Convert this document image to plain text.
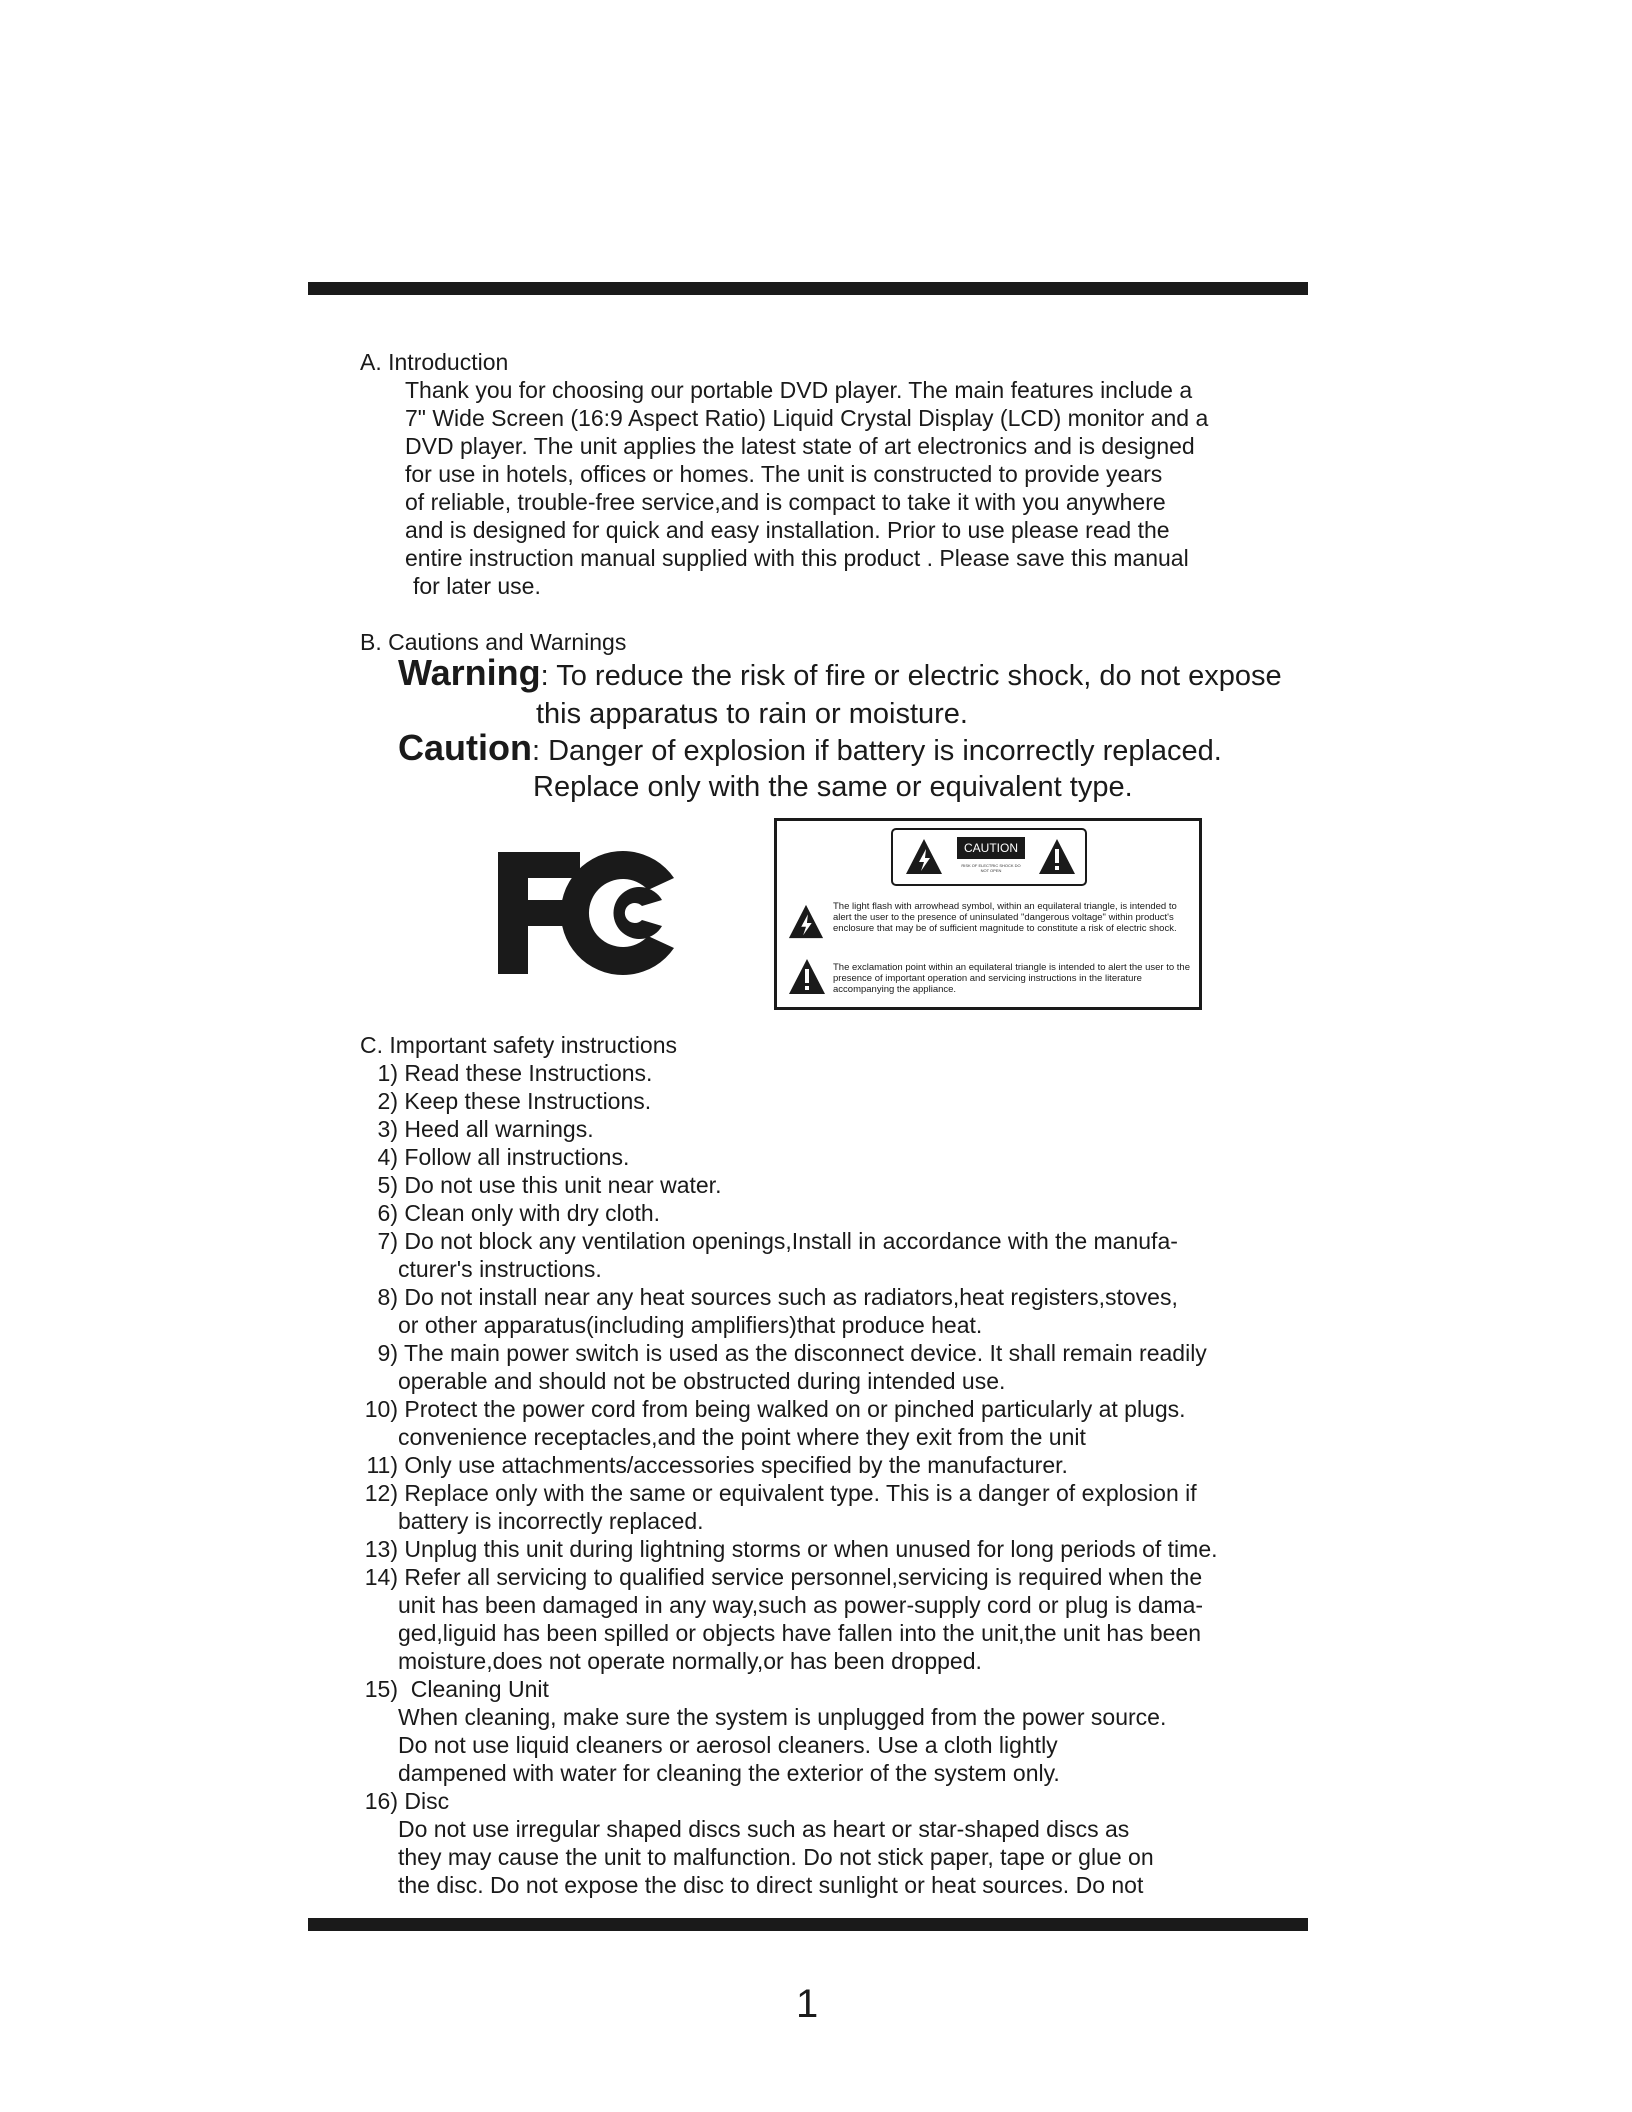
A. Introduction
Thank you for choosing our portable DVD player. The main features include a
7" Wide Screen (16:9 Aspect Ratio) Liquid Crystal Display (LCD) monitor and a
DVD player. The unit applies the latest state of art electronics and is designed
for use in hotels, offices or homes. The unit is constructed to provide years
of reliable, trouble-free service,and is compact to take it with you anywhere
and is designed for quick and easy installation. Prior to use please read the
entire instruction manual supplied with this product . Please save this manual
for later use.
B. Cautions and Warnings
Warning: To reduce the risk of fire or electric shock, do not expose
this apparatus to rain or moisture.
Caution: Danger of explosion if battery is incorrectly replaced.
Replace only with the same or equivalent type.
CAUTION
RISK OF ELECTRIC SHOCK DO NOT OPEN
The light flash with arrowhead symbol, within an equilateral triangle, is intended to alert the user to the presence of uninsulated "dangerous voltage" within product's enclosure that may be of sufficient magnitude to constitute a risk of electric shock.
The exclamation point within an equilateral triangle is intended to alert the user to the presence of important operation and servicing instructions in the literature accompanying the appliance.
C. Important safety instructions
1) Read these Instructions.
2) Keep these Instructions.
3) Heed all warnings.
4) Follow all instructions.
5) Do not use this unit near water.
6) Clean only with dry cloth.
7) Do not block any ventilation openings,Install in accordance with the manufa-
cturer's instructions.
8) Do not install near any heat sources such as radiators,heat registers,stoves,
or other apparatus(including amplifiers)that produce heat.
9) The main power switch is used as the disconnect device. It shall remain readily
operable and should not be obstructed during intended use.
10) Protect the power cord from being walked on or pinched particularly at plugs.
convenience receptacles,and the point where they exit from the unit
11) Only use attachments/accessories specified by the manufacturer.
12) Replace only with the same or equivalent type. This is a danger of explosion if
battery is incorrectly replaced.
13) Unplug this unit during lightning storms or when unused for long periods of time.
14) Refer all servicing to qualified service personnel,servicing is required when the
unit has been damaged in any way,such as power-supply cord or plug is dama-
ged,liguid has been spilled or objects have fallen into the unit,the unit has been
moisture,does not operate normally,or has been dropped.
15) Cleaning Unit
When cleaning, make sure the system is unplugged from the power source.
Do not use liquid cleaners or aerosol cleaners. Use a cloth lightly
dampened with water for cleaning the exterior of the system only.
16) Disc
Do not use irregular shaped discs such as heart or star-shaped discs as
they may cause the unit to malfunction. Do not stick paper, tape or glue on
the disc. Do not expose the disc to direct sunlight or heat sources. Do not
1
